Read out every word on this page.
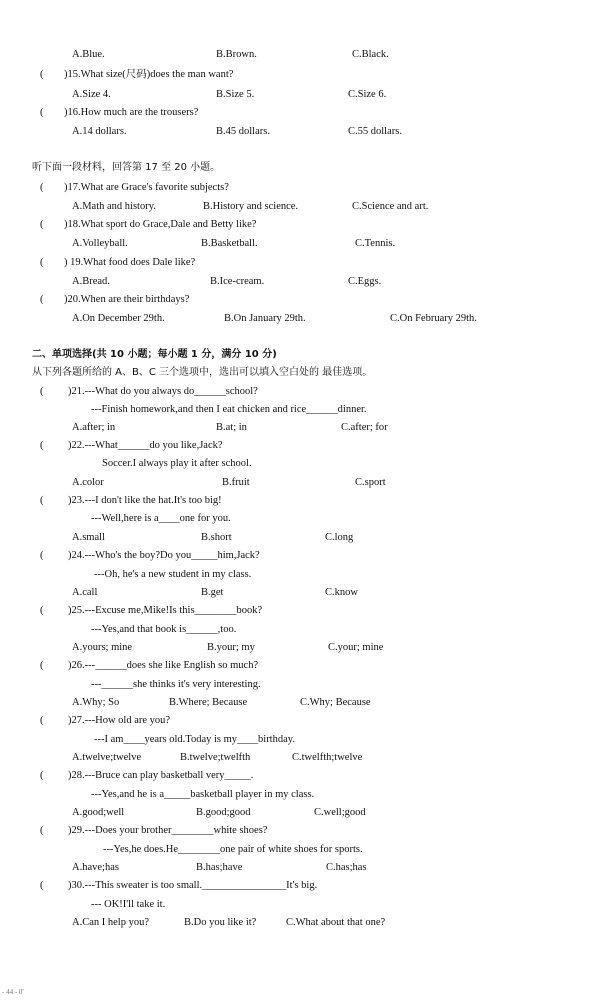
A.Blue.	B.Brown.	C.Black.
( )15.What size(尺码)does the man want?
A.Size 4.	B.Size 5.	C.Size 6.
( )16.How much are the trousers?
A.14 dollars.	B.45 dollars.	C.55 dollars.
听下面一段材料，回答第 17 至 20 小题。
( )17.What are Grace's favorite subjects?
A.Math and history.	B.History and science.	C.Science and art.
( )18.What sport do Grace,Dale and Betty like?
A.Volleyball.	B.Basketball.	C.Tennis.
( ) 19.What food does Dale like?
A.Bread.	B.Ice-cream.	C.Eggs.
( )20.When are their birthdays?
A.On December 29th.	B.On January 29th.	C.On February 29th.
二、单项选择(共 10 小题；每小题 1 分，满分 10 分)
从下列各题所给的 A、B、C 三个选项中，选出可以填入空白处的 最佳选项。
( )21.---What do you always do______school?
---Finish homework,and then I eat chicken and rice______dinner.
A.after; in	B.at; in	C.after; for
( )22.---What______do you like,Jack?
Soccer.I always play it after school.
A.color	B.fruit	C.sport
( )23.---I don't like the hat.It's too big!
---Well,here is a____one for you.
A.small	B.short	C.long
( )24.---Who's the boy?Do you_____him,Jack?
---Oh, he's a new student in my class.
A.call	B.get	C.know
( )25.---Excuse me,Mike!Is this________book?
---Yes,and that book is______,too.
A.yours; mine	B.your; my	C.your; mine
( )26.---______does she like English so much?
---______she thinks it's very interesting.
A.Why; So	B.Where; Because	C.Why; Because
( )27.---How old are you?
---I am____years old.Today is my____birthday.
A.twelve;twelve	B.twelve;twelfth	C.twelfth;twelve
( )28.---Bruce can play basketball very_____.
---Yes,and he is a_____basketball player in my class.
A.good;well	B.good;good	C.well;good
( )29.---Does your brother________white shoes?
---Yes,he does.He________one pair of white shoes for sports.
A.have;has	B.has;have	C.has;has
( )30.---This sweater is too small.________________It's big.
--- OK!I'll take it.
A.Can I help you?	B.Do you like it?	C.What about that one?
- 44 - 0'
